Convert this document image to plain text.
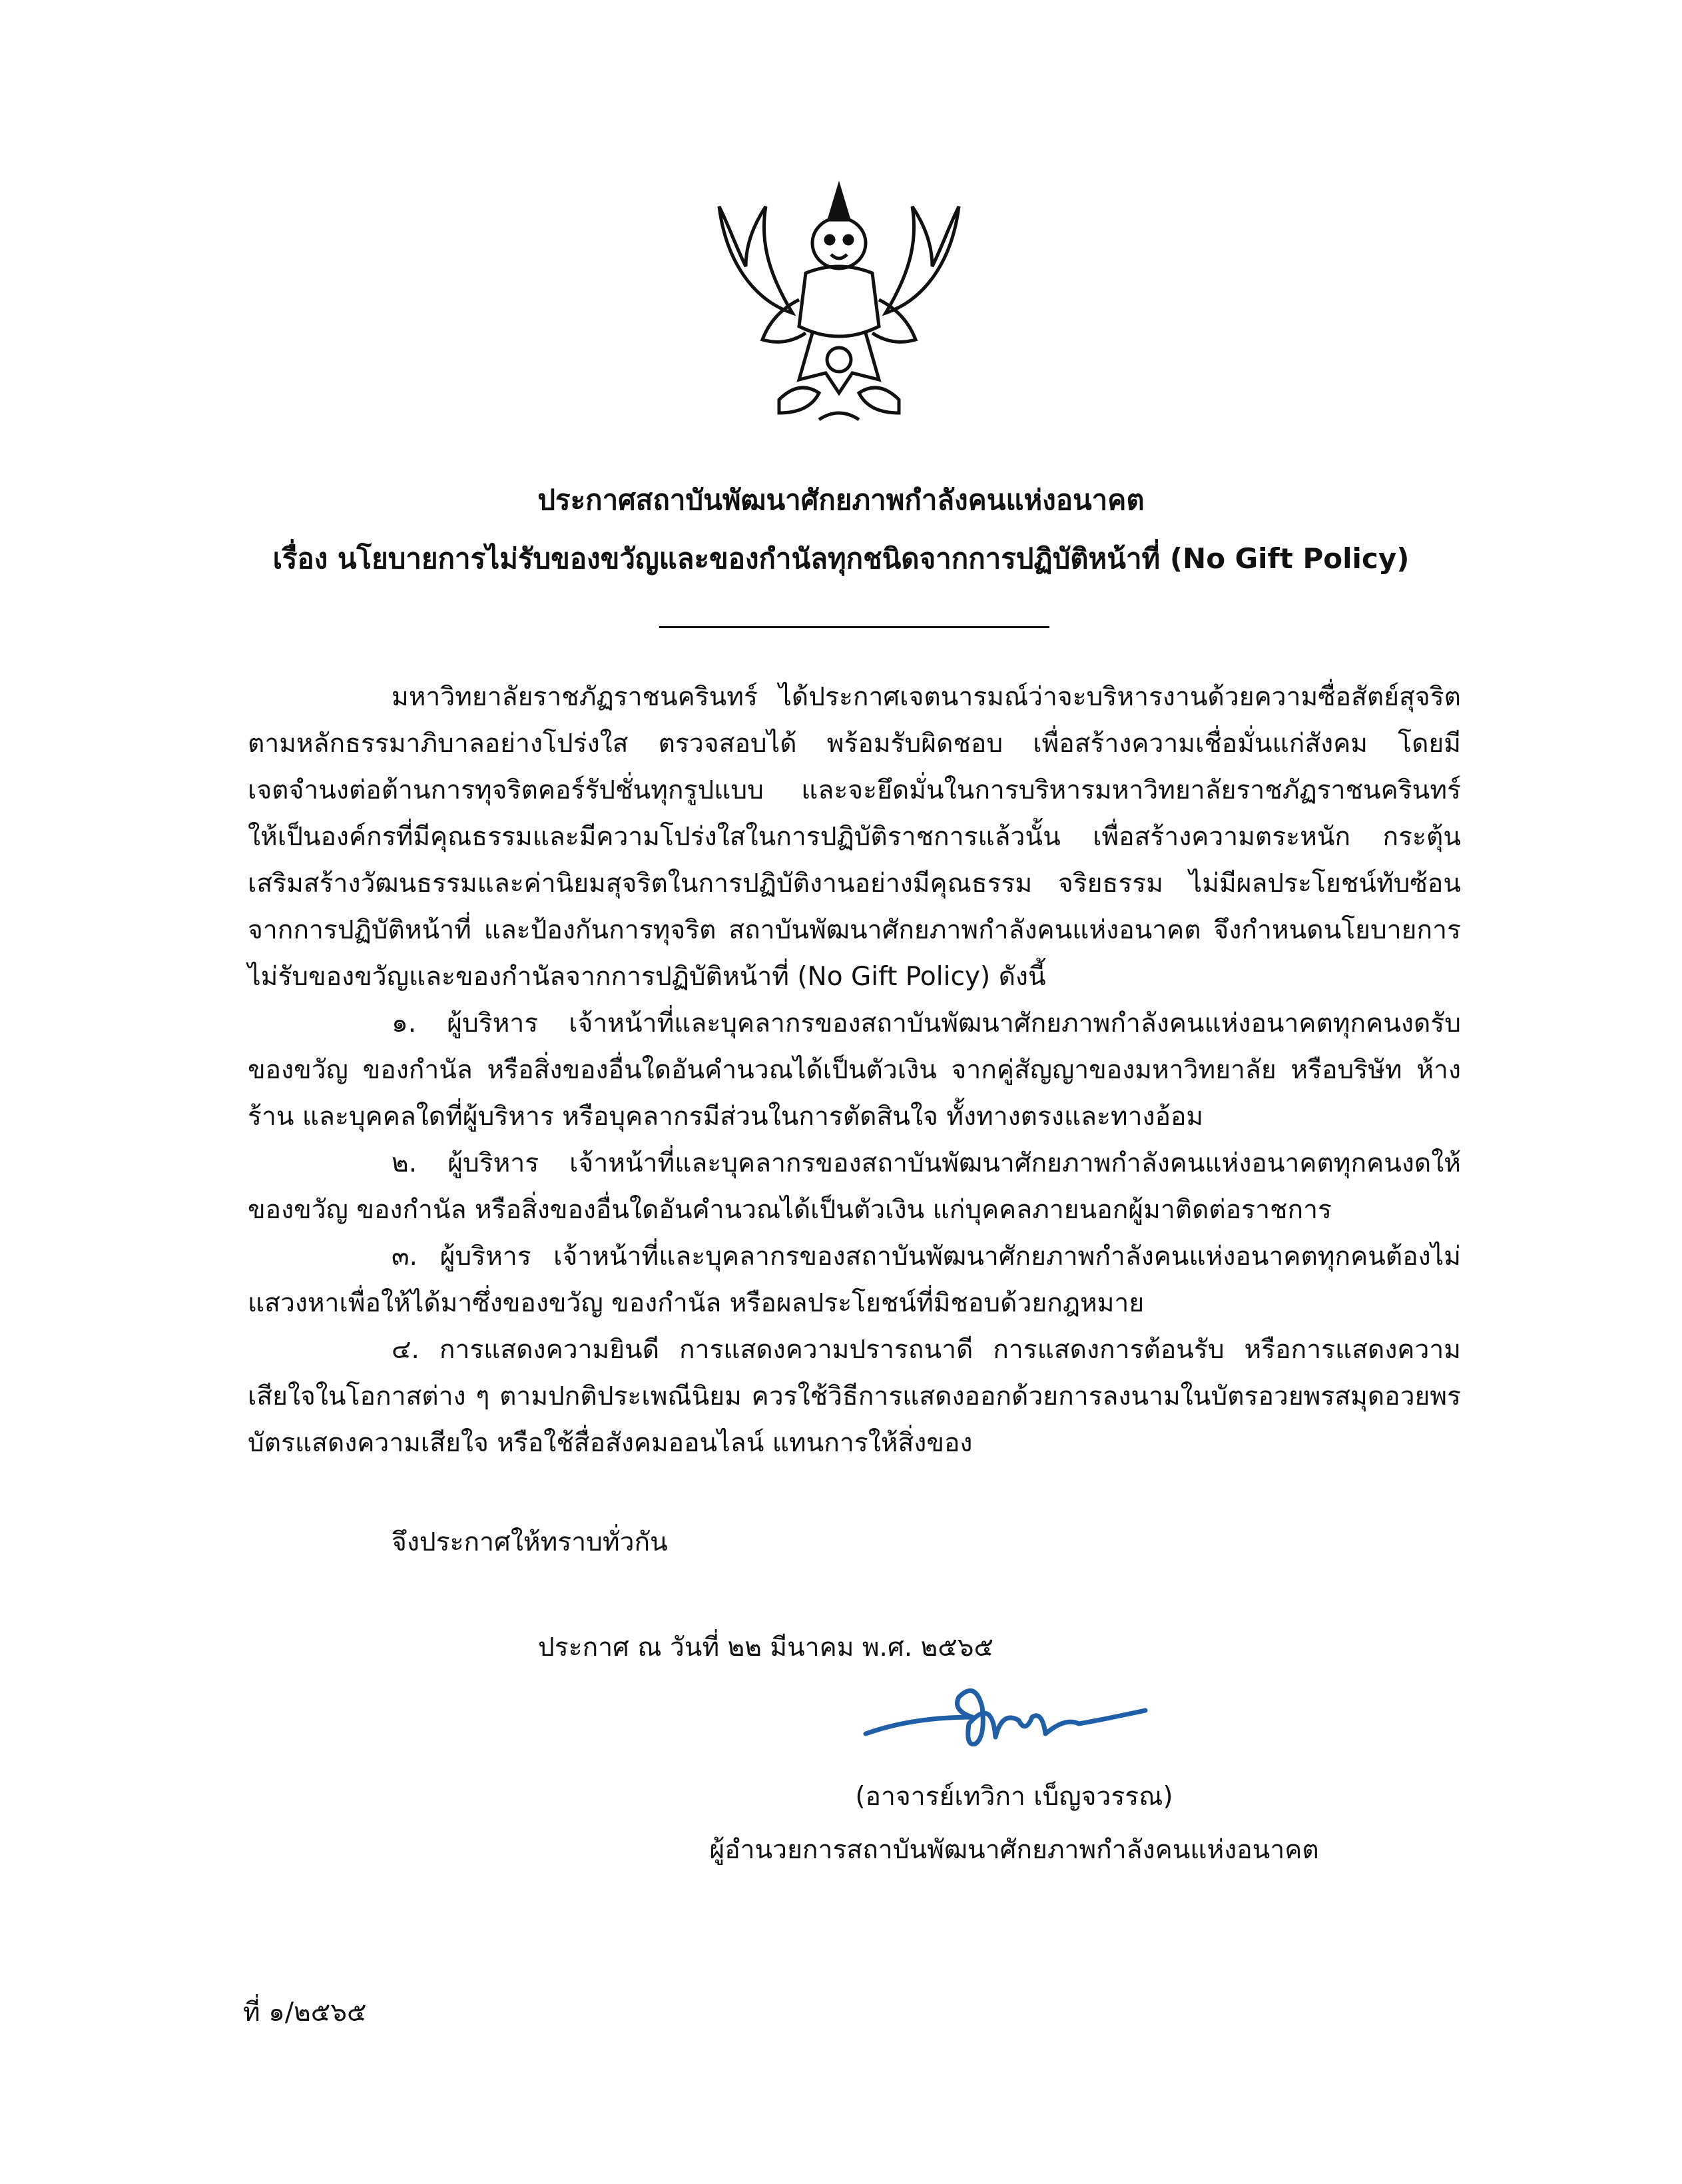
ประกาศสถาบันพัฒนาศักยภาพกำลังคนแห่งอนาคต
เรื่อง นโยบายการไม่รับของขวัญและของกำนัลทุกชนิดจากการปฏิบัติหน้าที่ (No Gift Policy)
มหาวิทยาลัยราชภัฏราชนครินทร์ ได้ประกาศเจตนารมณ์ว่าจะบริหารงานด้วยความซื่อสัตย์สุจริตตามหลักธรรมาภิบาลอย่างโปร่งใส ตรวจสอบได้ พร้อมรับผิดชอบ เพื่อสร้างความเชื่อมั่นแก่สังคม โดยมีเจตจำนงต่อต้านการทุจริตคอร์รัปชั่นทุกรูปแบบ และจะยึดมั่นในการบริหารมหาวิทยาลัยราชภัฏราชนครินทร์ให้เป็นองค์กรที่มีคุณธรรมและมีความโปร่งใสในการปฏิบัติราชการแล้วนั้น เพื่อสร้างความตระหนัก กระตุ้นเสริมสร้างวัฒนธรรมและค่านิยมสุจริตในการปฏิบัติงานอย่างมีคุณธรรม จริยธรรม ไม่มีผลประโยชน์ทับซ้อนจากการปฏิบัติหน้าที่ และป้องกันการทุจริต สถาบันพัฒนาศักยภาพกำลังคนแห่งอนาคต จึงกำหนดนโยบายการไม่รับของขวัญและของกำนัลจากการปฏิบัติหน้าที่ (No Gift Policy) ดังนี้
๑. ผู้บริหาร เจ้าหน้าที่และบุคลากรของสถาบันพัฒนาศักยภาพกำลังคนแห่งอนาคตทุกคนงดรับของขวัญ ของกำนัล หรือสิ่งของอื่นใดอันคำนวณได้เป็นตัวเงิน จากคู่สัญญาของมหาวิทยาลัย หรือบริษัท ห้างร้าน และบุคคลใดที่ผู้บริหาร หรือบุคลากรมีส่วนในการตัดสินใจ ทั้งทางตรงและทางอ้อม
๒. ผู้บริหาร เจ้าหน้าที่และบุคลากรของสถาบันพัฒนาศักยภาพกำลังคนแห่งอนาคตทุกคนงดให้ของขวัญ ของกำนัล หรือสิ่งของอื่นใดอันคำนวณได้เป็นตัวเงิน แก่บุคคลภายนอกผู้มาติดต่อราชการ
๓. ผู้บริหาร เจ้าหน้าที่และบุคลากรของสถาบันพัฒนาศักยภาพกำลังคนแห่งอนาคตทุกคนต้องไม่แสวงหาเพื่อให้ได้มาซึ่งของขวัญ ของกำนัล หรือผลประโยชน์ที่มิชอบด้วยกฎหมาย
๔. การแสดงความยินดี การแสดงความปรารถนาดี การแสดงการต้อนรับ หรือการแสดงความเสียใจในโอกาสต่าง ๆ ตามปกติประเพณีนิยม ควรใช้วิธีการแสดงออกด้วยการลงนามในบัตรอวยพรสมุดอวยพร บัตรแสดงความเสียใจ หรือใช้สื่อสังคมออนไลน์ แทนการให้สิ่งของ
จึงประกาศให้ทราบทั่วกัน
ประกาศ ณ วันที่ ๒๒ มีนาคม พ.ศ. ๒๕๖๕
(อาจารย์เทวิกา เบ็ญจวรรณ)
ผู้อำนวยการสถาบันพัฒนาศักยภาพกำลังคนแห่งอนาคต
ที่ ๑/๒๕๖๕
